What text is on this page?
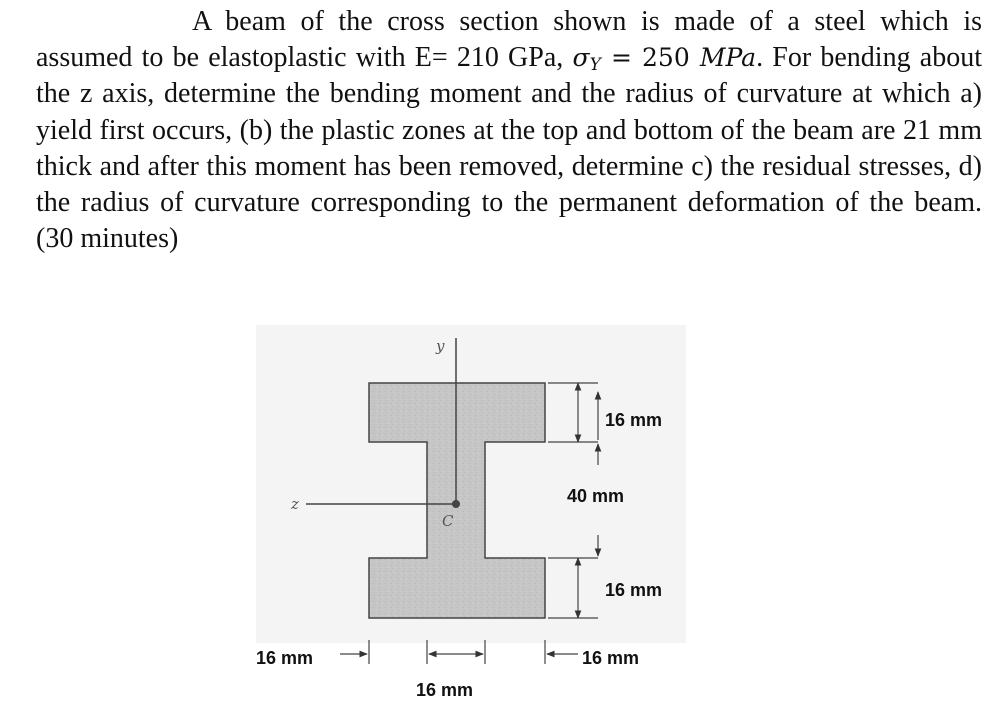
A beam of the cross section shown is made of a steel which is assumed to be elastoplastic with E= 210 GPa, $\sigma_Y = 250$ MPa. For bending about the z axis, determine the bending moment and the radius of curvature at which a) yield first occurs, (b) the plastic zones at the top and bottom of the beam are 21 mm thick and after this moment has been removed, determine c) the residual stresses, d) the radius of curvature corresponding to the permanent deformation of the beam. (30 minutes)
y
z
C
16 mm
40 mm
16 mm
16 mm
16 mm
16 mm
